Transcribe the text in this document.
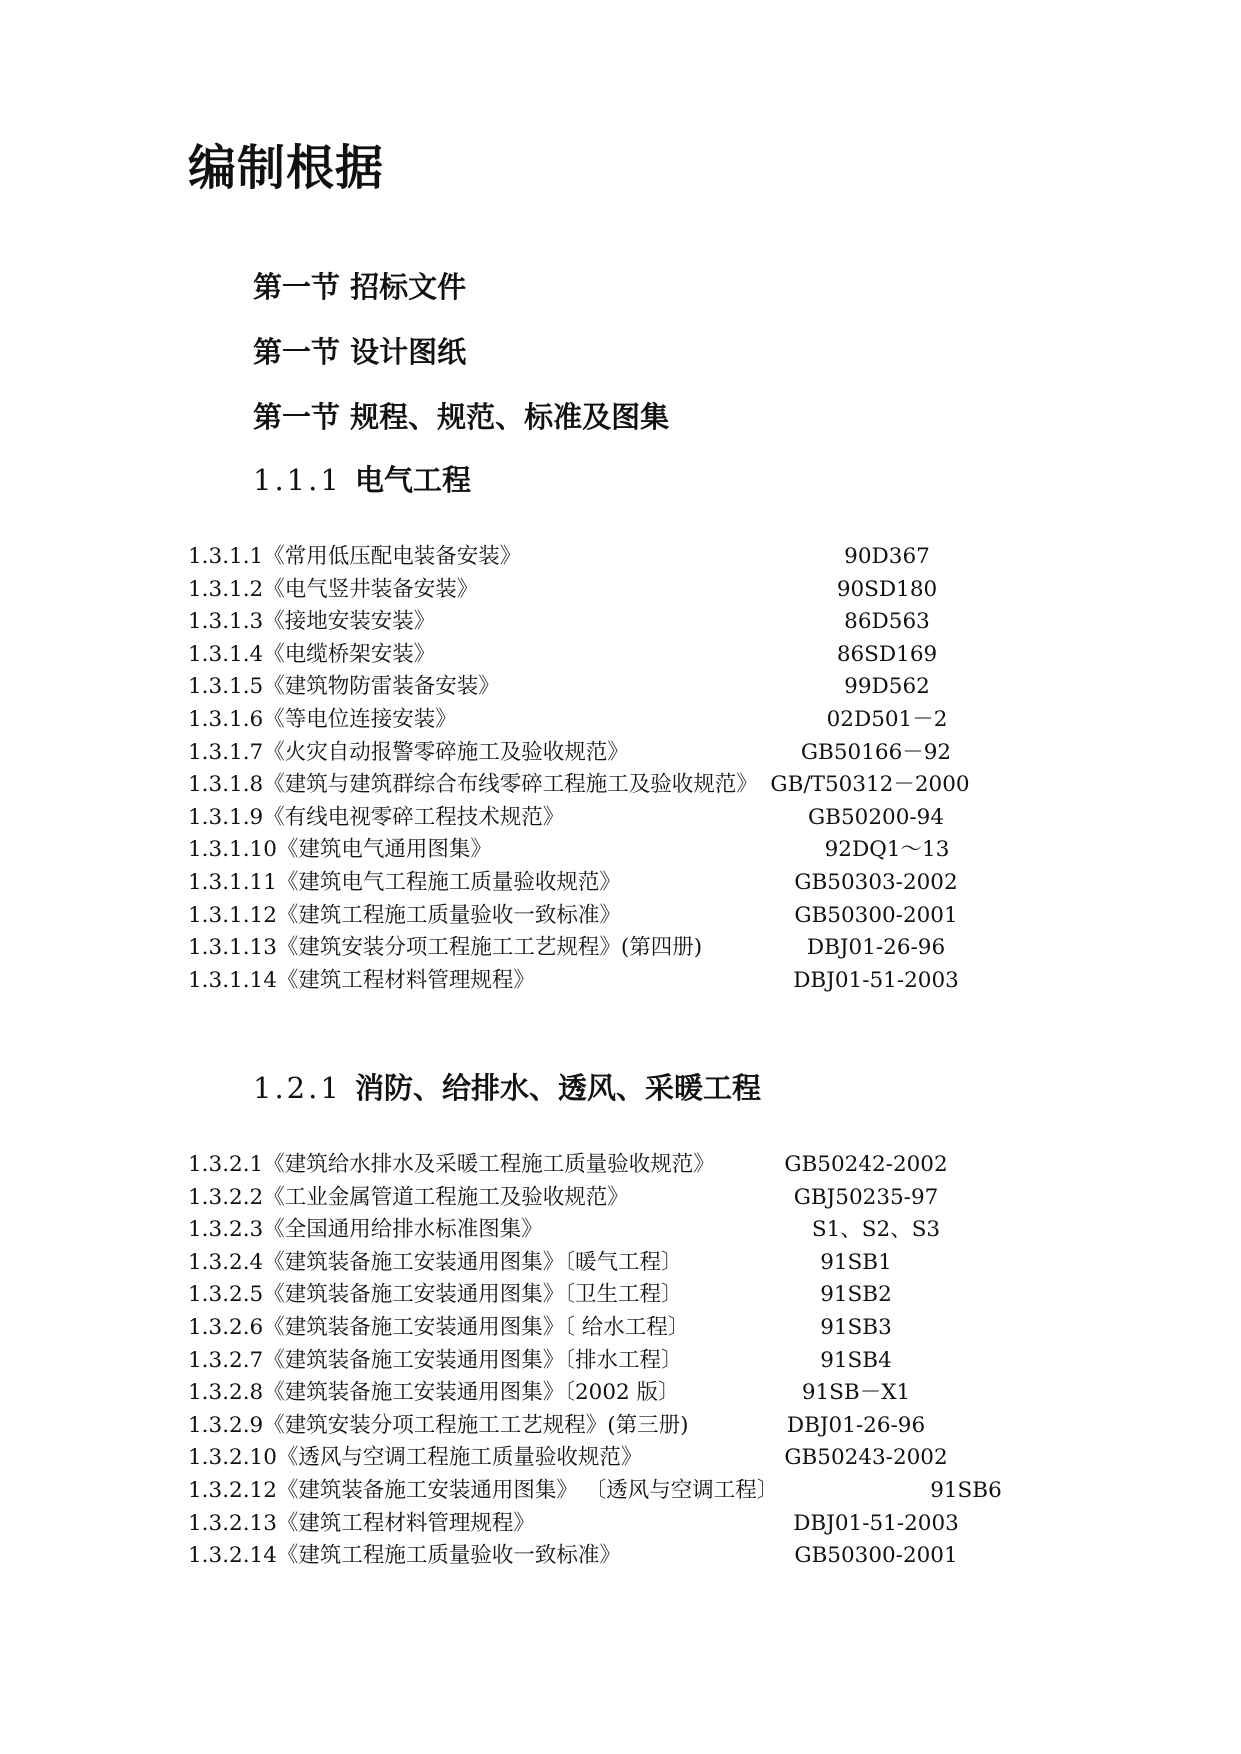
编制根据
第一节 招标文件
第一节 设计图纸
第一节 规程、规范、标准及图集
1.1.1 电气工程
1.3.1.1《常用低压配电装备安装》	90D367
1.3.1.2《电气竖井装备安装》	90SD180
1.3.1.3《接地安装安装》	86D563
1.3.1.4《电缆桥架安装》	86SD169
1.3.1.5《建筑物防雷装备安装》	99D562
1.3.1.6《等电位连接安装》	02D501－2
1.3.1.7《火灾自动报警零碎施工及验收规范》	GB50166－92
1.3.1.8《建筑与建筑群综合布线零碎工程施工及验收规范》 GB/T50312－2000
1.3.1.9《有线电视零碎工程技术规范》	GB50200-94
1.3.1.10《建筑电气通用图集》	92DQ1～13
1.3.1.11《建筑电气工程施工质量验收规范》	GB50303-2002
1.3.1.12《建筑工程施工质量验收一致标准》	GB50300-2001
1.3.1.13《建筑安装分项工程施工工艺规程》(第四册)	DBJ01-26-96
1.3.1.14《建筑工程材料管理规程》	DBJ01-51-2003
1.2.1 消防、给排水、透风、采暖工程
1.3.2.1《建筑给水排水及采暖工程施工质量验收规范》	GB50242-2002
1.3.2.2《工业金属管道工程施工及验收规范》	GBJ50235-97
1.3.2.3《全国通用给排水标准图集》	S1、S2、S3
1.3.2.4《建筑装备施工安装通用图集》〔暖气工程〕	91SB1
1.3.2.5《建筑装备施工安装通用图集》〔卫生工程〕	91SB2
1.3.2.6《建筑装备施工安装通用图集》〔 给水工程〕	91SB3
1.3.2.7《建筑装备施工安装通用图集》〔排水工程〕	91SB4
1.3.2.8《建筑装备施工安装通用图集》〔2002 版〕	91SB－X1
1.3.2.9《建筑安装分项工程施工工艺规程》(第三册)	DBJ01-26-96
1.3.2.10《透风与空调工程施工质量验收规范》	GB50243-2002
1.3.2.12《建筑装备施工安装通用图集》 〔透风与空调工程〕	91SB6
1.3.2.13《建筑工程材料管理规程》	DBJ01-51-2003
1.3.2.14《建筑工程施工质量验收一致标准》	GB50300-2001
